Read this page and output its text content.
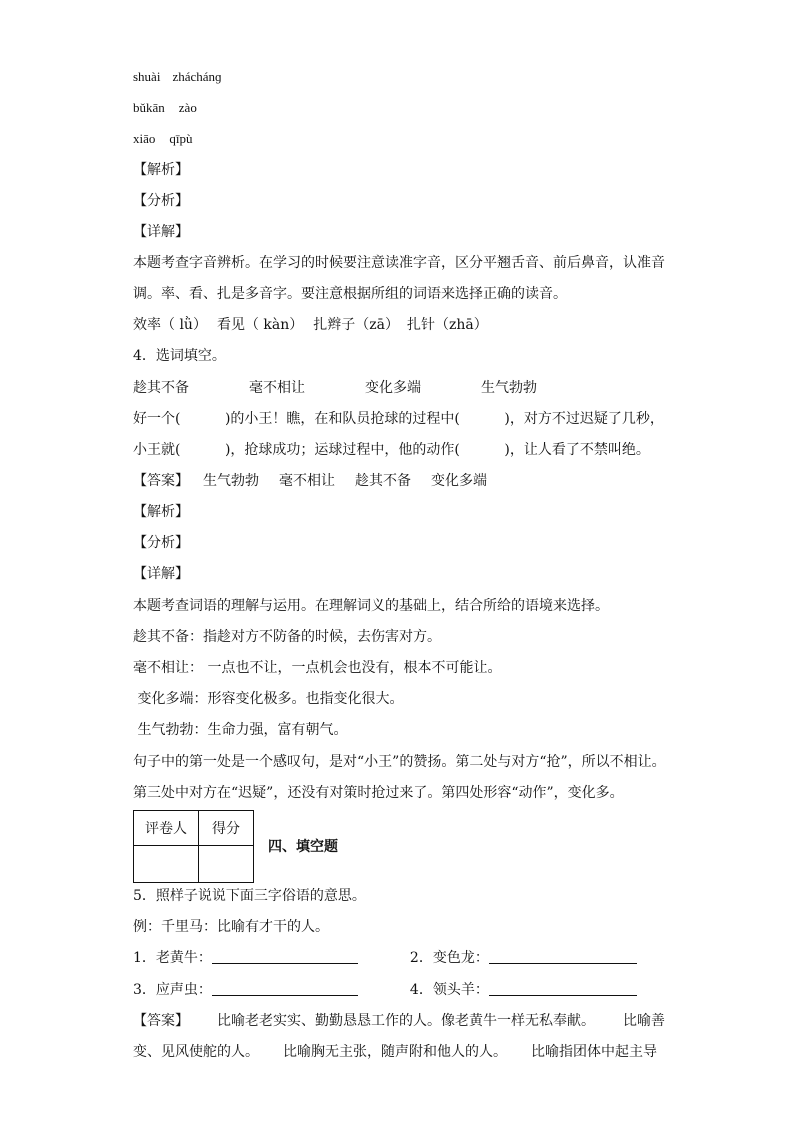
shuài zháchánɡ
bǔkān zào
xiāo qīpù
【解析】
【分析】
【详解】
本题考查字音辨析。在学习的时候要注意读准字音，区分平翘舌音、前后鼻音，认准音
调。率、看、扎是多音字。要注意根据所组的词语来选择正确的读音。
效率（ lǜ） 看见（ kàn） 扎辫子（zā） 扎针（zhā）
4．选词填空。
趁其不备	毫不相让	变化多端	生气勃勃
好一个(          )的小王！瞧，在和队员抢球的过程中(          )，对方不过迟疑了几秒，
小王就(          )，抢球成功；运球过程中，他的动作(          )，让人看了不禁叫绝。
【答案】 生气勃勃 毫不相让 趁其不备 变化多端
【解析】
【分析】
【详解】
本题考查词语的理解与运用。在理解词义的基础上，结合所给的语境来选择。
趁其不备：指趁对方不防备的时候，去伤害对方。
毫不相让： 一点也不让，一点机会也没有，根本不可能让。
变化多端：形容变化极多。也指变化很大。
生气勃勃：生命力强，富有朝气。
句子中的第一处是一个感叹句，是对“小王”的赞扬。第二处与对方“抢”，所以不相让。
第三处中对方在“迟疑”，还没有对策时抢过来了。第四处形容“动作”，变化多。
评卷人	得分

四、填空题
5．照样子说说下面三字俗语的意思。
例：千里马：比喻有才干的人。
1．老黄牛：	2．变色龙：
3．应声虫：	4．领头羊：
【答案】 比喻老老实实、勤勤恳恳工作的人。像老黄牛一样无私奉献。 比喻善
变、见风使舵的人。 比喻胸无主张，随声附和他人的人。 比喻指团体中起主导
